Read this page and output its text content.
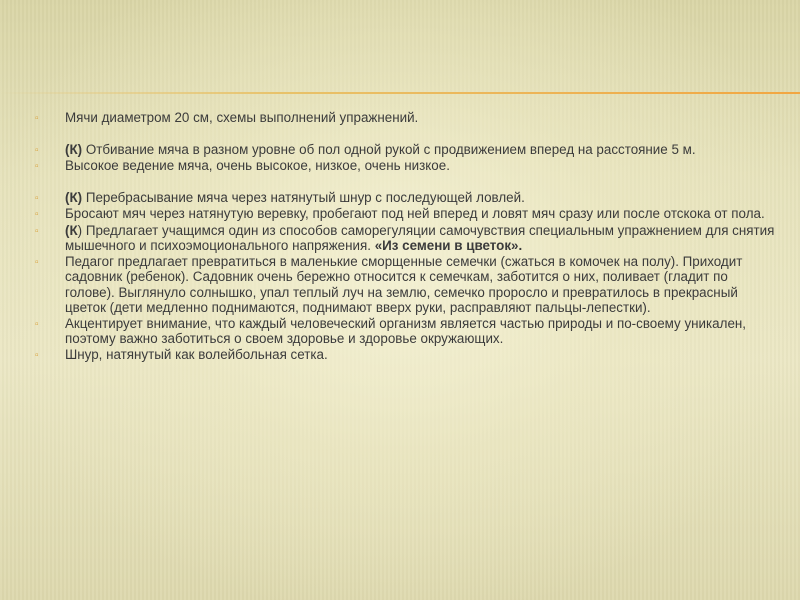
▫	Мячи диаметром 20 см, схемы выполнений упражнений.
▫	(К) Отбивание мяча в разном уровне об пол одной рукой с продвижением вперед на расстояние 5 м.
▫	Высокое ведение мяча, очень высокое, низкое, очень низкое.
▫	(К) Перебрасывание мяча через натянутый шнур с последующей ловлей.
▫	Бросают мяч через натянутую веревку, пробегают под ней вперед и ловят мяч сразу или после отскока от пола.
▫	(К) Предлагает учащимся один из способов саморегуляции самочувствия специальным упражнением для снятия мышечного и психоэмоционального напряжения. «Из семени в цветок».
▫	Педагог предлагает превратиться в маленькие сморщенные семечки (сжаться в комочек на полу). Приходит садовник (ребенок). Садовник очень бережно относится к семечкам, заботится о них, поливает (гладит по голове). Выглянуло солнышко, упал теплый луч на землю, семечко проросло и превратилось в прекрасный цветок (дети медленно поднимаются, поднимают вверх руки, расправляют пальцы-лепестки).
▫	Акцентирует внимание, что каждый человеческий организм является частью природы и по-своему уникален, поэтому важно заботиться о своем здоровье и здоровье окружающих.
▫	Шнур, натянутый как волейбольная сетка.
